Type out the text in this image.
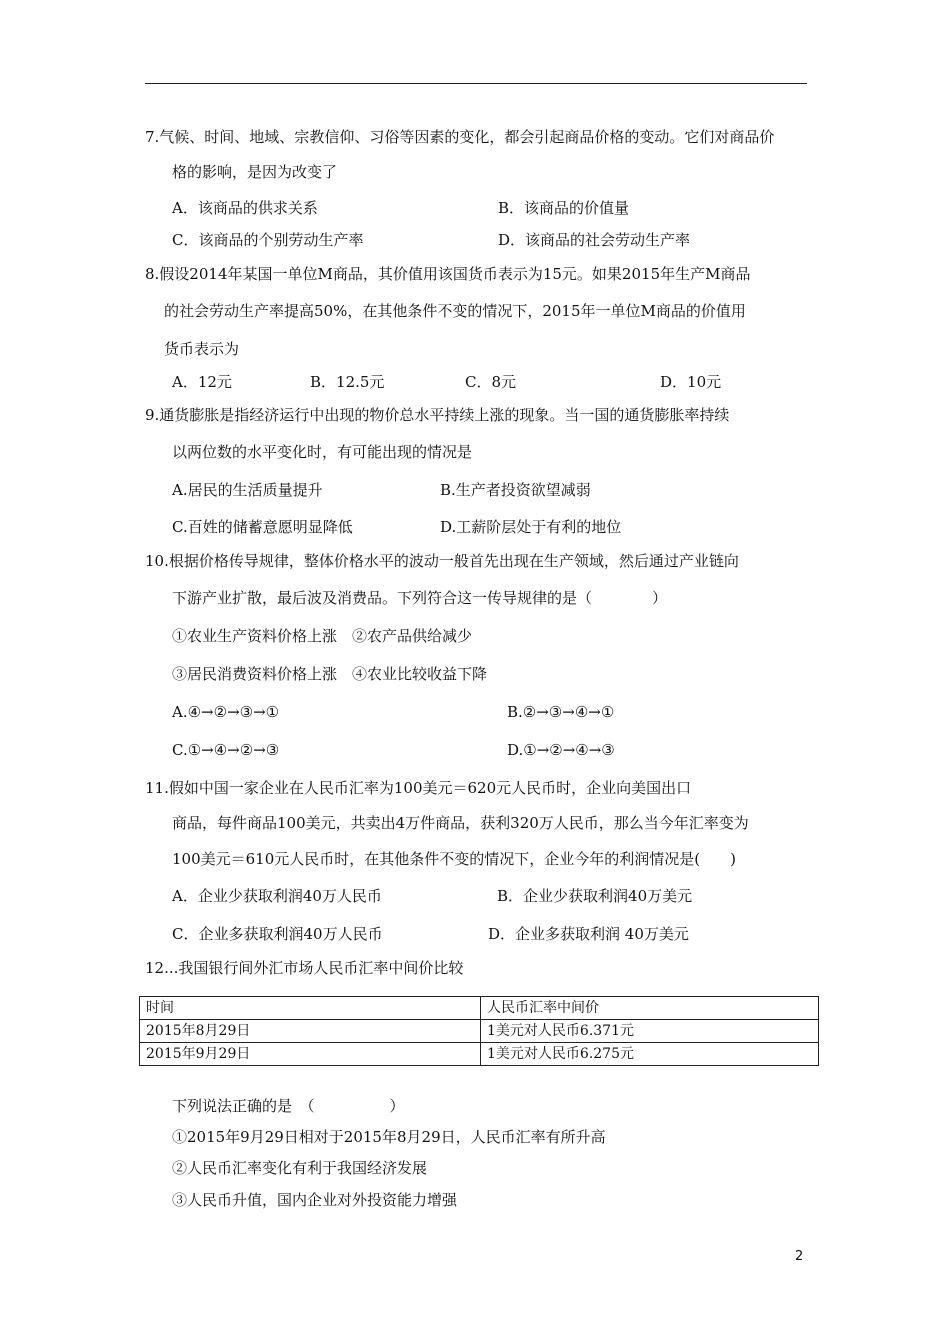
7.气候、时间、地域、宗教信仰、习俗等因素的变化，都会引起商品价格的变动。它们对商品价
格的影响，是因为改变了
A．该商品的供求关系	B．该商品的价值量
C．该商品的个别劳动生产率	D．该商品的社会劳动生产率
8.假设2014年某国一单位M商品，其价值用该国货币表示为15元。如果2015年生产M商品
的社会劳动生产率提高50%，在其他条件不变的情况下，2015年一单位M商品的价值用
货币表示为
A．12元	B．12.5元	C．8元	D．10元
9.通货膨胀是指经济运行中出现的物价总水平持续上涨的现象。当一国的通货膨胀率持续
以两位数的水平变化时，有可能出现的情况是
A.居民的生活质量提升	B.生产者投资欲望减弱
C.百姓的储蓄意愿明显降低	D.工薪阶层处于有利的地位
10.根据价格传导规律，整体价格水平的波动一般首先出现在生产领域，然后通过产业链向
下游产业扩散，最后波及消费品。下列符合这一传导规律的是（　　　　）
①农业生产资料价格上涨　②农产品供给减少
③居民消费资料价格上涨　④农业比较收益下降
A.④→②→③→①	B.②→③→④→①
C.①→④→②→③	D.①→②→④→③
11.假如中国一家企业在人民币汇率为100美元＝620元人民币时，企业向美国出口
商品，每件商品100美元，共卖出4万件商品，获利320万人民币，那么当今年汇率变为
100美元＝610元人民币时，在其他条件不变的情况下，企业今年的利润情况是(　　)
A．企业少获取利润40万人民币	B．企业少获取利润40万美元
C．企业多获取利润40万人民币	D．企业多获取利润 40万美元
12...我国银行间外汇市场人民币汇率中间价比较
时间	人民币汇率中间价
2015年8月29日	1美元对人民币6.371元
2015年9月29日	1美元对人民币6.275元
下列说法正确的是　（　　　　　）
①2015年9月29日相对于2015年8月29日，人民币汇率有所升高
②人民币汇率变化有利于我国经济发展
③人民币升值，国内企业对外投资能力增强
2
